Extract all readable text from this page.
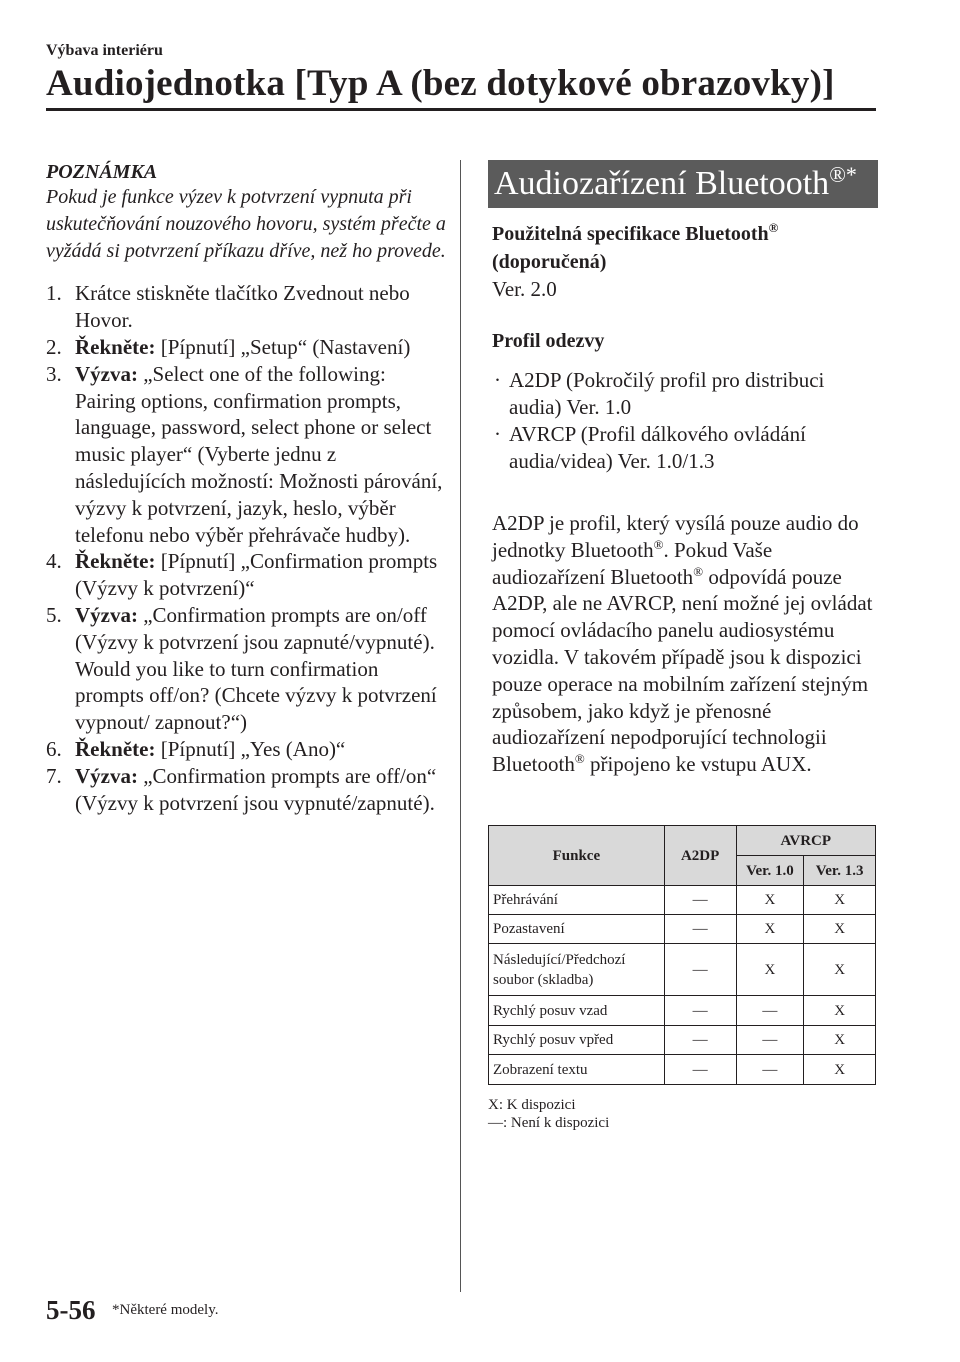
Výbava interiéru
Audiojednotka [Typ A (bez dotykové obrazovky)]
POZNÁMKA
Pokud je funkce výzev k potvrzení vypnuta při uskutečňování nouzového hovoru, systém přečte a vyžádá si potvrzení příkazu dříve, než ho provede.

1. Krátce stiskněte tlačítko Zvednout nebo Hovor.

2. Řekněte: [Pípnutí] „Setup“ (Nastavení)

3. Výzva: „Select one of the following: Pairing options, confirmation prompts, language, password, select phone or select music player“ (Vyberte jednu z následujících možností: Možnosti párování, výzvy k potvrzení, jazyk, heslo, výběr telefonu nebo výběr přehrávače hudby).

4. Řekněte: [Pípnutí] „Confirmation prompts (Výzvy k potvrzení)“

5. Výzva: „Confirmation prompts are on/off (Výzvy k potvrzení jsou zapnuté/vypnuté). Would you like to turn confirmation prompts off/on? (Chcete výzvy k potvrzení vypnout/ zapnout?“)

6. Řekněte: [Pípnutí] „Yes (Ano)“

7. Výzva: „Confirmation prompts are off/on“ (Výzvy k potvrzení jsou vypnuté/zapnuté).

Audiozařízení Bluetooth®*
Použitelná specifikace Bluetooth®
(doporučená)
Ver. 2.0
Profil odezvy
· A2DP (Pokročilý profil pro distribuci
audia) Ver. 1.0
· AVRCP (Profil dálkového ovládání
audia/videa) Ver. 1.0/1.3
A2DP je profil, který vysílá pouze audio do jednotky Bluetooth®. Pokud Vaše audiozařízení Bluetooth® odpovídá pouze A2DP, ale ne AVRCP, není možné jej ovládat pomocí ovládacího panelu audiosystému vozidla. V takovém případě jsou k dispozici pouze operace na mobilním zařízení stejným způsobem, jako když je přenosné audiozařízení nepodporující technologii Bluetooth® připojeno ke vstupu AUX.
Funkce	A2DP	AVRCP	
		Ver. 1.0	Ver. 1.3
Přehrávání	—	X	X
Pozastavení	—	X	X
Následující/Předchozí soubor (skladba)	—	X	X
Rychlý posuv vzad	—	—	X
Rychlý posuv vpřed	—	—	X
Zobrazení textu	—	—	X
X: K dispozici
—: Není k dispozici
5-56 *Některé modely.
